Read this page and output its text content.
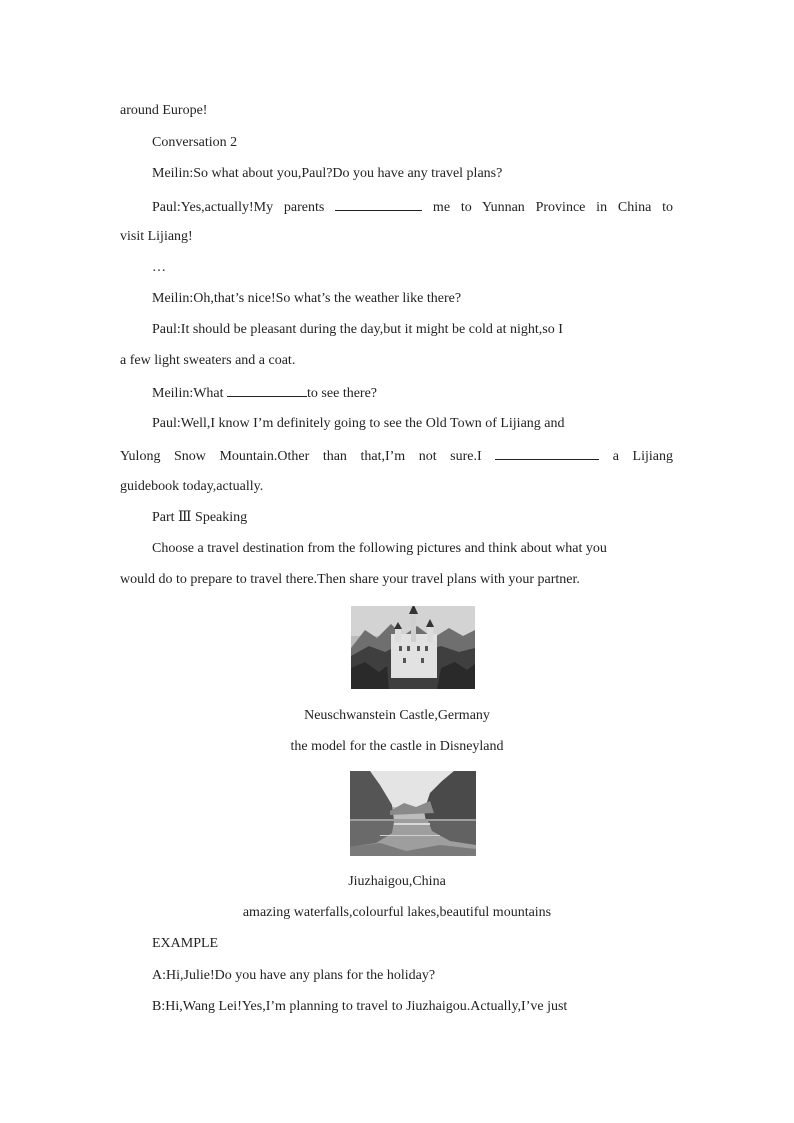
around Europe!
Conversation 2
Meilin:So what about you,Paul?Do you have any travel plans?
Paul:Yes,actually!My parents	me to Yunnan Province in China to
visit Lijiang!
…
Meilin:Oh,that’s nice!So what’s the weather like there?
Paul:It should be pleasant during the day,but it might be cold at night,so I
a few light sweaters and a coat.
Meilin:What	to see there?
Paul:Well,I know I’m definitely going to see the Old Town of Lijiang and
Yulong Snow Mountain.Other than that,I’m not sure.I	a Lijiang
guidebook today,actually.
Part Ⅲ Speaking
Choose a travel destination from the following pictures and think about what you
would do to prepare to travel there.Then share your travel plans with your partner.
Neuschwanstein Castle,Germany
the model for the castle in Disneyland
Jiuzhaigou,China
amazing waterfalls,colourful lakes,beautiful mountains
EXAMPLE
A:Hi,Julie!Do you have any plans for the holiday?
B:Hi,Wang Lei!Yes,I’m planning to travel to Jiuzhaigou.Actually,I’ve just
